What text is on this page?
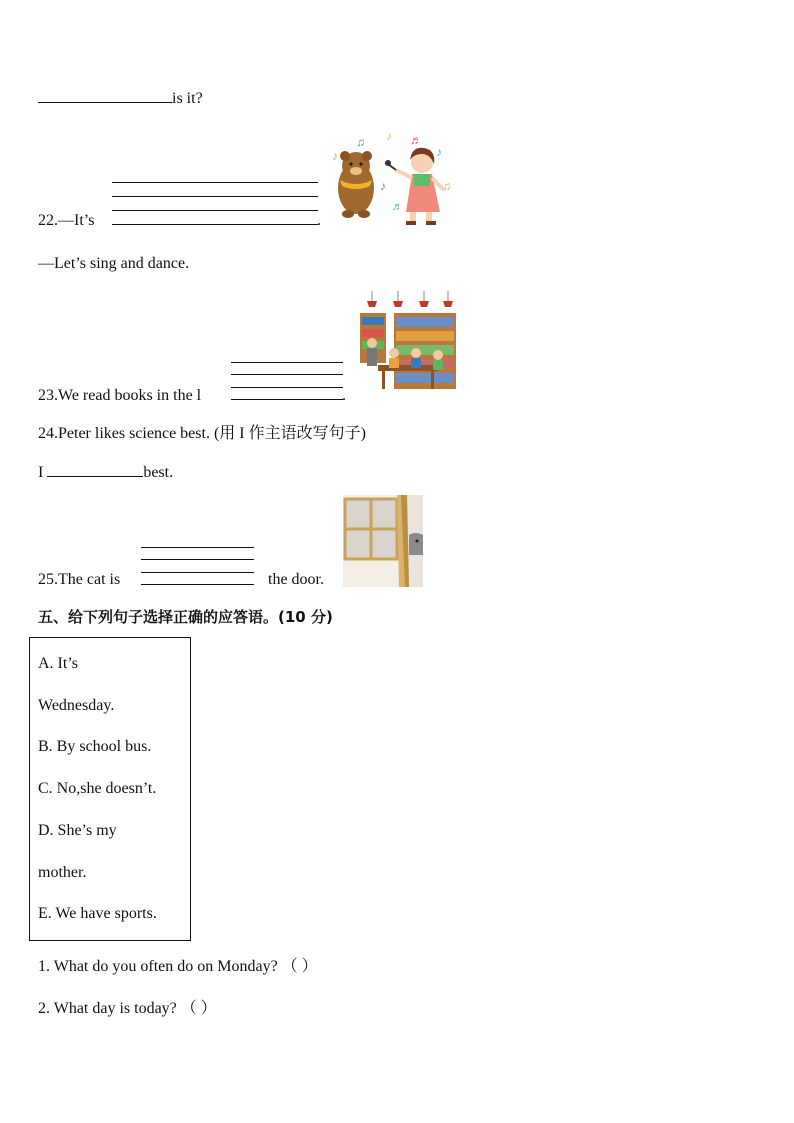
is it?
♪
♫ ♪ ♬
♪
♫
♪
♬
22.—It’s	.
—Let’s sing and dance.
23.We read books in the l	.
24.Peter likes science best. (用 I 作主语改写句子)
I	best.
25.The cat is	the door.
五、给下列句子选择正确的应答语。(10 分)
A. It’s
Wednesday.
B. By school bus.
C. No,she doesn’t.
D. She’s my
mother.
E. We have sports.
1. What do you often do on Monday? （ ）
2. What day is today? （ ）
